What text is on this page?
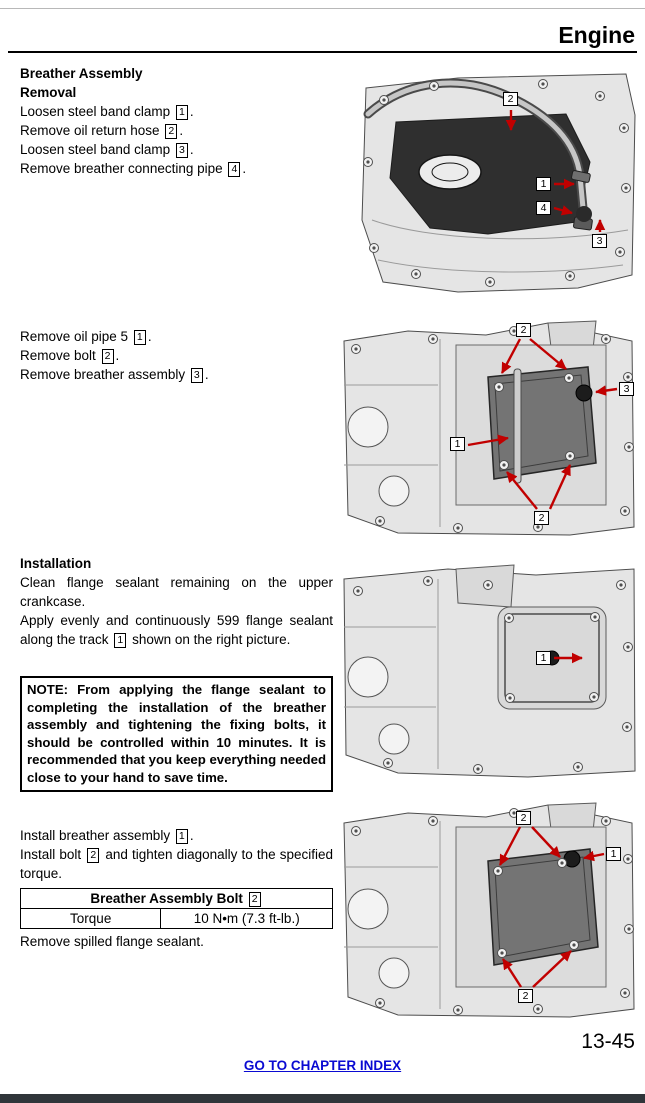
Engine
Breather Assembly
Removal
Loosen steel band clamp 1 .
Remove oil return hose 2 .
Loosen steel band clamp 3 .
Remove breather connecting pipe 4 .
Remove oil pipe 5 1 .
Remove bolt 2 .
Remove breather assembly 3 .
Installation
Clean flange sealant remaining on the upper crankcase.
Apply evenly and continuously 599 flange sealant along the track 1 shown on the right picture.
NOTE: From applying the flange sealant to completing the installation of the breather assembly and tightening the fixing bolts, it should be controlled within 10 minutes. It is recommended that you keep everything needed close to your hand to save time.
Install breather assembly 1 .
Install bolt 2 and tighten diagonally to the specified torque.
Breather Assembly Bolt 2
Torque	10 N•m (7.3 ft-lb.)
Remove spilled flange sealant.
2
1
4
3
2
3
1
2
1
2
1
2
13-45
GO TO CHAPTER INDEX
